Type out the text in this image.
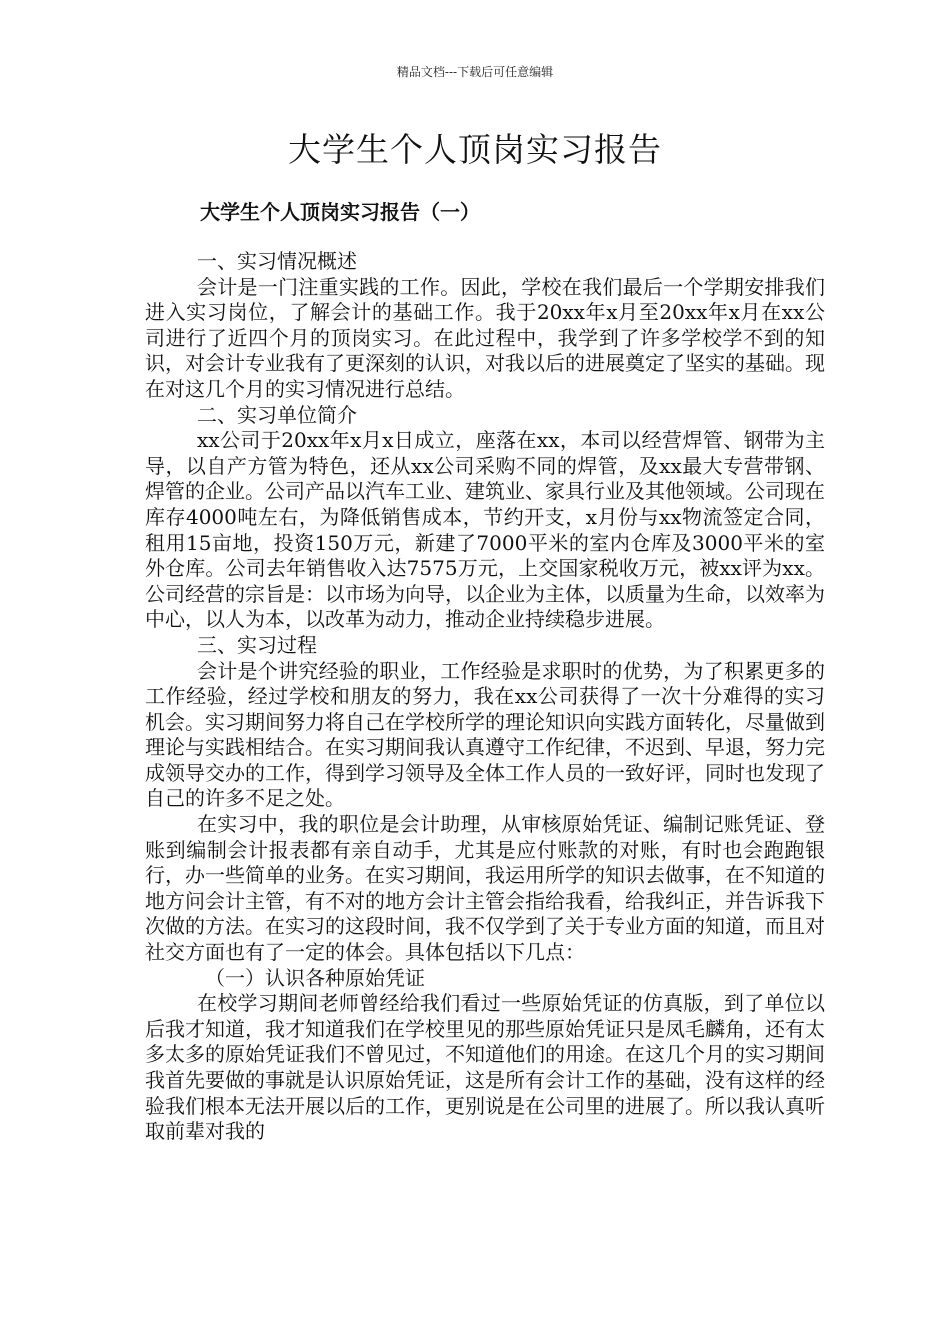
精品文档---下载后可任意编辑
大学生个人顶岗实习报告
大学生个人顶岗实习报告（一）

一、实习情况概述

会计是一门注重实践的工作。因此，学校在我们最后一个学期安排我们进入实习岗位，了解会计的基础工作。我于20xx年x月至20xx年x月在xx公司进行了近四个月的顶岗实习。在此过程中，我学到了许多学校学不到的知识，对会计专业我有了更深刻的认识，对我以后的进展奠定了坚实的基础。现在对这几个月的实习情况进行总结。

二、实习单位简介

xx公司于20xx年x月x日成立，座落在xx，本司以经营焊管、钢带为主导，以自产方管为特色，还从xx公司采购不同的焊管，及xx最大专营带钢、焊管的企业。公司产品以汽车工业、建筑业、家具行业及其他领域。公司现在库存4000吨左右，为降低销售成本，节约开支，x月份与xx物流签定合同，租用15亩地，投资150万元，新建了7000平米的室内仓库及3000平米的室外仓库。公司去年销售收入达7575万元，上交国家税收万元，被xx评为xx。公司经营的宗旨是：以市场为向导，以企业为主体，以质量为生命，以效率为中心，以人为本，以改革为动力，推动企业持续稳步进展。

三、实习过程

会计是个讲究经验的职业，工作经验是求职时的优势，为了积累更多的工作经验，经过学校和朋友的努力，我在xx公司获得了一次十分难得的实习机会。实习期间努力将自己在学校所学的理论知识向实践方面转化，尽量做到理论与实践相结合。在实习期间我认真遵守工作纪律，不迟到、早退，努力完成领导交办的工作，得到学习领导及全体工作人员的一致好评，同时也发现了自己的许多不足之处。

在实习中，我的职位是会计助理，从审核原始凭证、编制记账凭证、登账到编制会计报表都有亲自动手，尤其是应付账款的对账，有时也会跑跑银行，办一些简单的业务。在实习期间，我运用所学的知识去做事，在不知道的地方问会计主管，有不对的地方会计主管会指给我看，给我纠正，并告诉我下次做的方法。在实习的这段时间，我不仅学到了关于专业方面的知道，而且对社交方面也有了一定的体会。具体包括以下几点：

（一）认识各种原始凭证

在校学习期间老师曾经给我们看过一些原始凭证的仿真版，到了单位以后我才知道，我才知道我们在学校里见的那些原始凭证只是凤毛麟角，还有太多太多的原始凭证我们不曾见过，不知道他们的用途。在这几个月的实习期间我首先要做的事就是认识原始凭证，这是所有会计工作的基础，没有这样的经验我们根本无法开展以后的工作，更别说是在公司里的进展了。所以我认真听取前辈对我的
